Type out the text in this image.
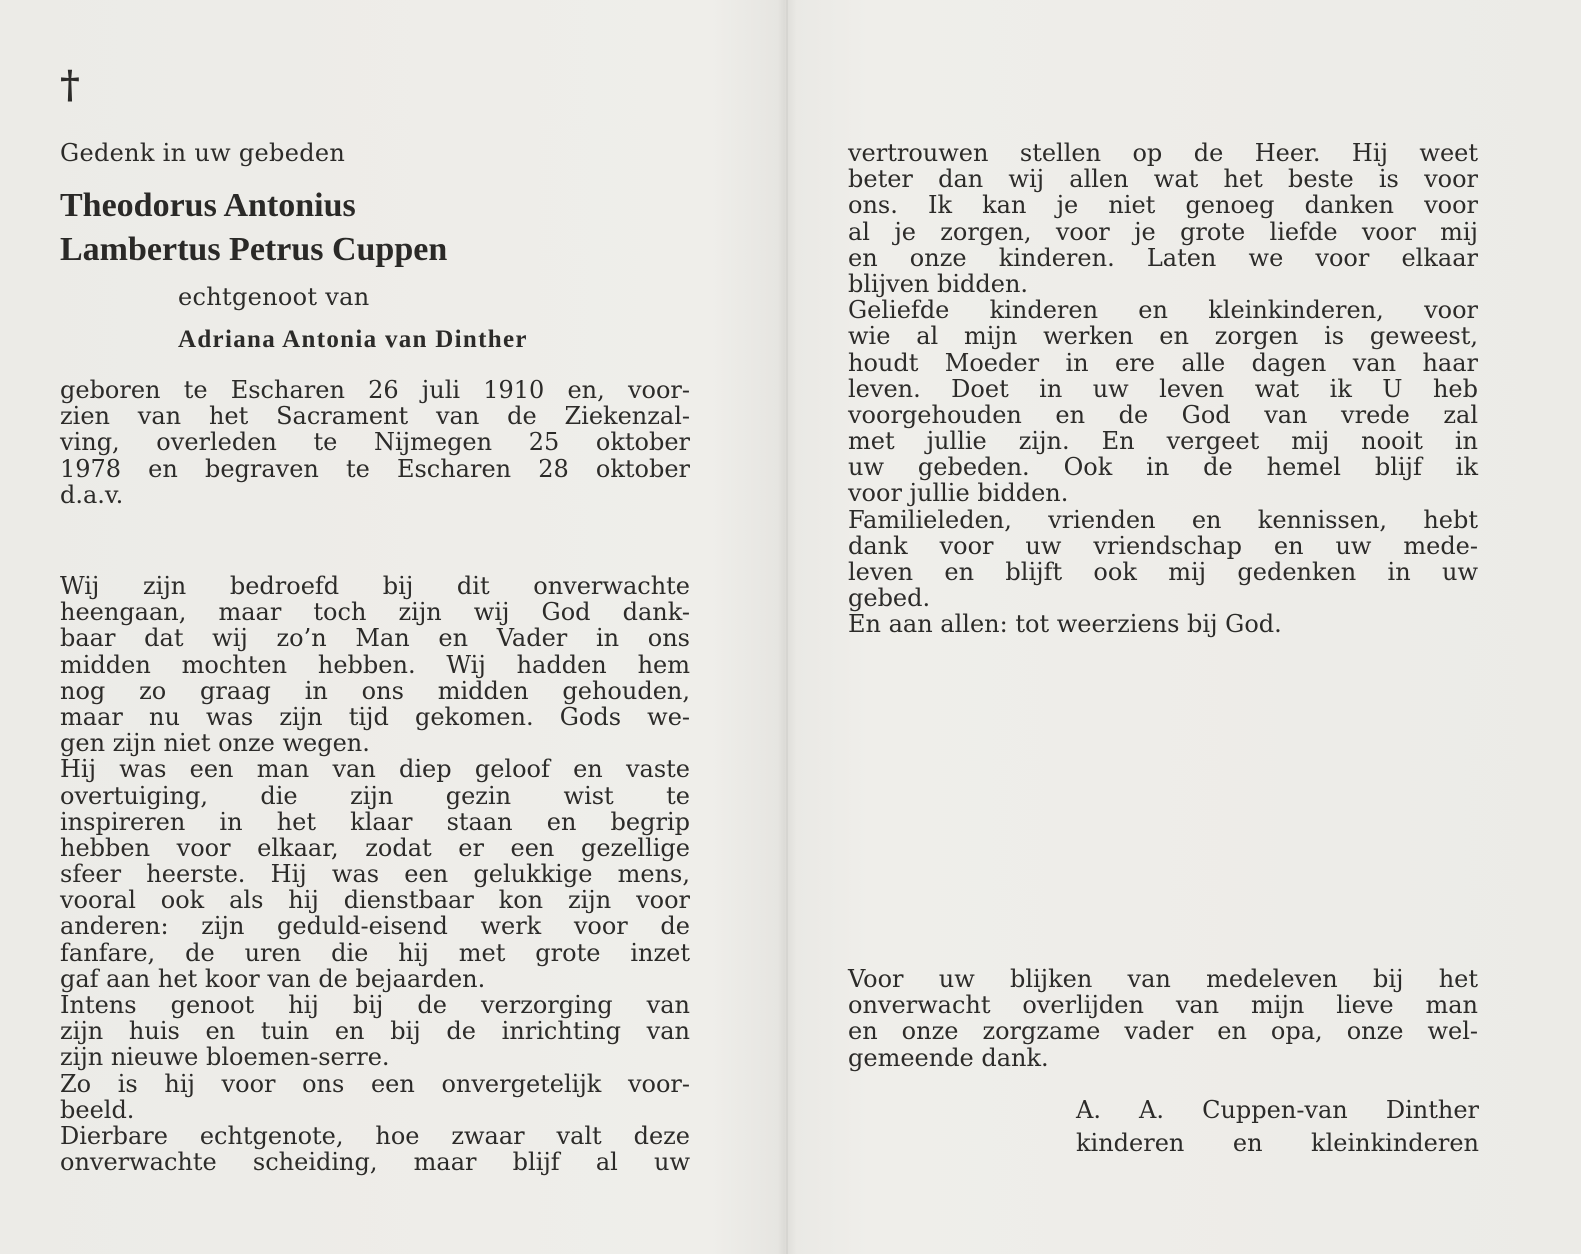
†
Gedenk in uw gebeden
Theodorus Antonius
Lambertus Petrus Cuppen
echtgenoot van
Adriana Antonia van Dinther
geboren te Escharen 26 juli 1910 en, voor-
zien van het Sacrament van de Ziekenzal-
ving, overleden te Nijmegen 25 oktober
1978 en begraven te Escharen 28 oktober
d.a.v.
Wij zijn bedroefd bij dit onverwachte
heengaan, maar toch zijn wij God dank-
baar dat wij zo’n Man en Vader in ons
midden mochten hebben. Wij hadden hem
nog zo graag in ons midden gehouden,
maar nu was zijn tijd gekomen. Gods we-
gen zijn niet onze wegen.
Hij was een man van diep geloof en vaste
overtuiging, die zijn gezin wist te
inspireren in het klaar staan en begrip
hebben voor elkaar, zodat er een gezellige
sfeer heerste. Hij was een gelukkige mens,
vooral ook als hij dienstbaar kon zijn voor
anderen: zijn geduld-eisend werk voor de
fanfare, de uren die hij met grote inzet
gaf aan het koor van de bejaarden.
Intens genoot hij bij de verzorging van
zijn huis en tuin en bij de inrichting van
zijn nieuwe bloemen-serre.
Zo is hij voor ons een onvergetelijk voor-
beeld.
Dierbare echtgenote, hoe zwaar valt deze
onverwachte scheiding, maar blijf al uw
vertrouwen stellen op de Heer. Hij weet
beter dan wij allen wat het beste is voor
ons. Ik kan je niet genoeg danken voor
al je zorgen, voor je grote liefde voor mij
en onze kinderen. Laten we voor elkaar
blijven bidden.
Geliefde kinderen en kleinkinderen, voor
wie al mijn werken en zorgen is geweest,
houdt Moeder in ere alle dagen van haar
leven. Doet in uw leven wat ik U heb
voorgehouden en de God van vrede zal
met jullie zijn. En vergeet mij nooit in
uw gebeden. Ook in de hemel blijf ik
voor jullie bidden.
Familieleden, vrienden en kennissen, hebt
dank voor uw vriendschap en uw mede-
leven en blijft ook mij gedenken in uw
gebed.
En aan allen: tot weerziens bij God.
Voor uw blijken van medeleven bij het
onverwacht overlijden van mijn lieve man
en onze zorgzame vader en opa, onze wel-
gemeende dank.
A. A. Cuppen-van Dinther
kinderen en kleinkinderen
